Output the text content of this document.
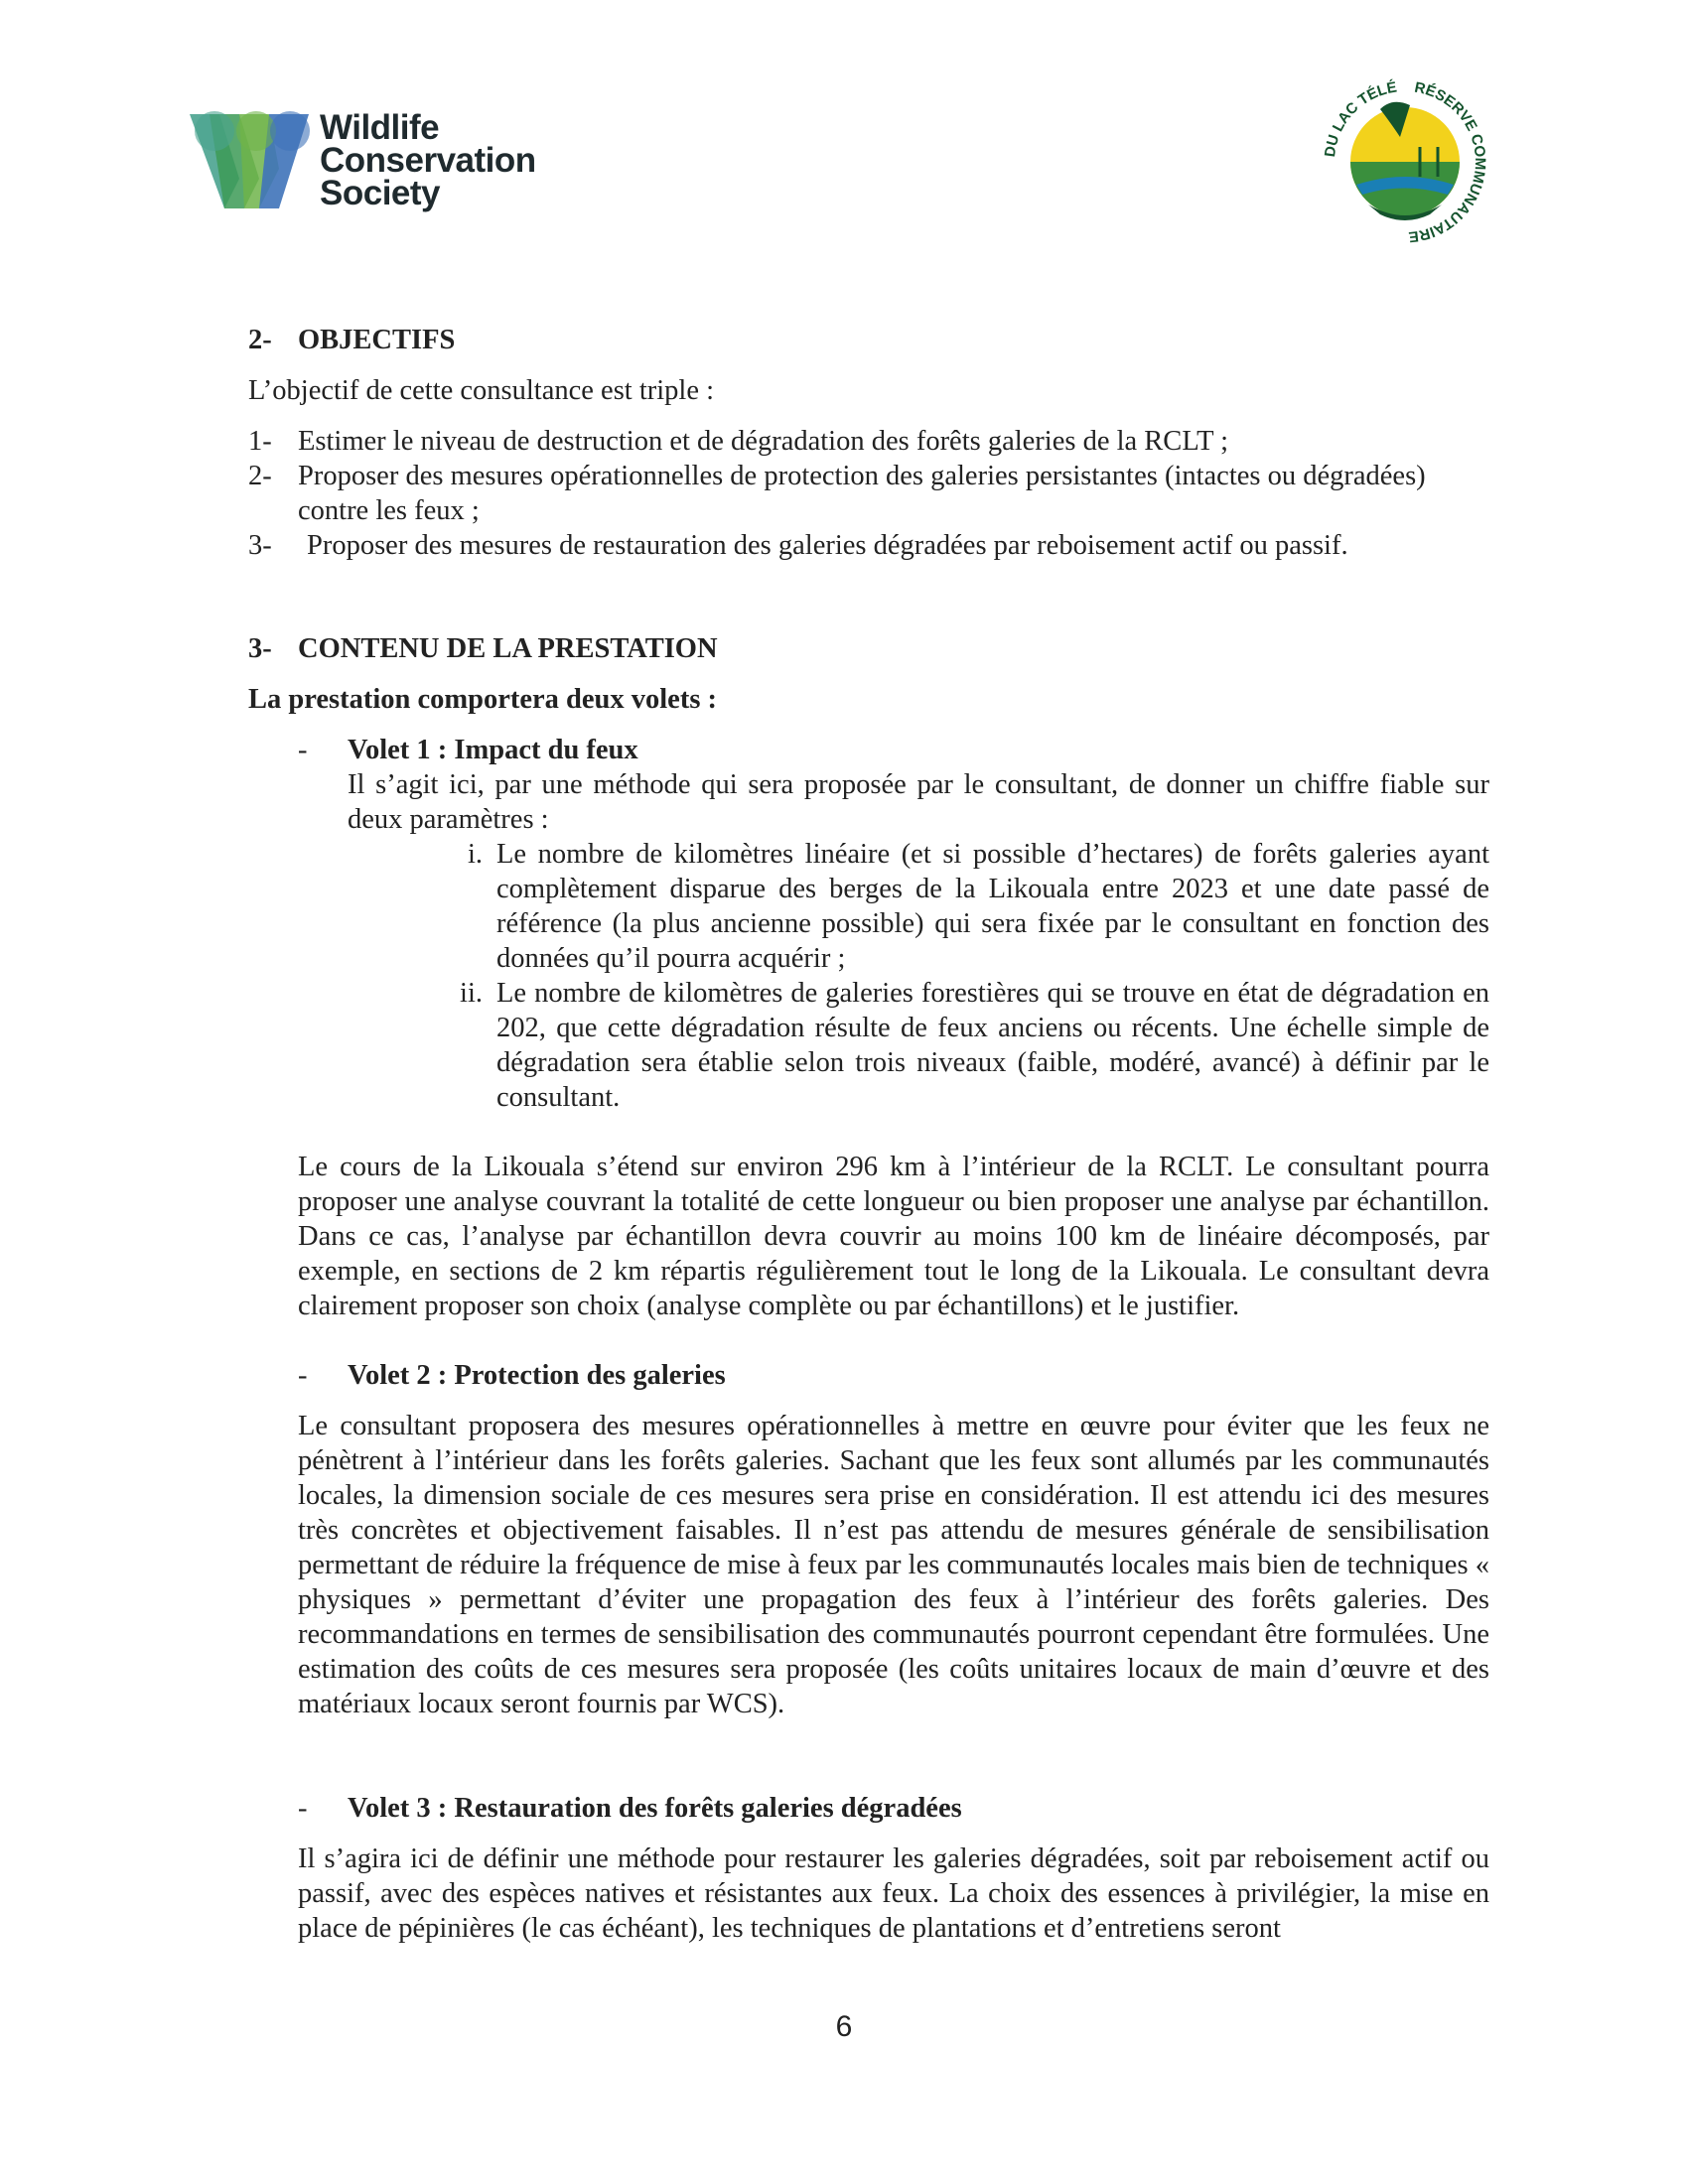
Wildlife
Conservation
Society
RÉSERVE COMMUNAUTAIRE
DU LAC TÉLÉ
2- OBJECTIFS

L’objectif de cette consultance est triple :

1- Estimer le niveau de destruction et de dégradation des forêts galeries de la RCLT ;
2- Proposer des mesures opérationnelles de protection des galeries persistantes (intactes ou dégradées) contre les feux ;
3-	Proposer des mesures de restauration des galeries dégradées par reboisement actif ou passif.
3- CONTENU DE LA PRESTATION

La prestation comportera deux volets :

-	Volet 1 : Impact du feux

Il s’agit ici, par une méthode qui sera proposée par le consultant, de donner un chiffre fiable sur deux paramètres :

i. Le nombre de kilomètres linéaire (et si possible d’hectares) de forêts galeries ayant complètement disparue des berges de la Likouala entre 2023 et une date passé de référence (la plus ancienne possible) qui sera fixée par le consultant en fonction des données qu’il pourra acquérir ;
ii. Le nombre de kilomètres de galeries forestières qui se trouve en état de dégradation en 202, que cette dégradation résulte de feux anciens ou récents. Une échelle simple de dégradation sera établie selon trois niveaux (faible, modéré, avancé) à définir par le consultant.

Le cours de la Likouala s’étend sur environ 296 km à l’intérieur de la RCLT. Le consultant pourra proposer une analyse couvrant la totalité de cette longueur ou bien proposer une analyse par échantillon. Dans ce cas, l’analyse par échantillon devra couvrir au moins 100 km de linéaire décomposés, par exemple, en sections de 2 km répartis régulièrement tout le long de la Likouala. Le consultant devra clairement proposer son choix (analyse complète ou par échantillons) et le justifier.

-	Volet 2 : Protection des galeries

Le consultant proposera des mesures opérationnelles à mettre en œuvre pour éviter que les feux ne pénètrent à l’intérieur dans les forêts galeries. Sachant que les feux sont allumés par les communautés locales, la dimension sociale de ces mesures sera prise en considération. Il est attendu ici des mesures très concrètes et objectivement faisables. Il n’est pas attendu de mesures générale de sensibilisation permettant de réduire la fréquence de mise à feux par les communautés locales mais bien de techniques « physiques » permettant d’éviter une propagation des feux à l’intérieur des forêts galeries. Des recommandations en termes de sensibilisation des communautés pourront cependant être formulées. Une estimation des coûts de ces mesures sera proposée (les coûts unitaires locaux de main d’œuvre et des matériaux locaux seront fournis par WCS).

-	Volet 3 : Restauration des forêts galeries dégradées

Il s’agira ici de définir une méthode pour restaurer les galeries dégradées, soit par reboisement actif ou passif, avec des espèces natives et résistantes aux feux. La choix des essences à privilégier, la mise en place de pépinières (le cas échéant), les techniques de plantations et d’entretiens seront

6
